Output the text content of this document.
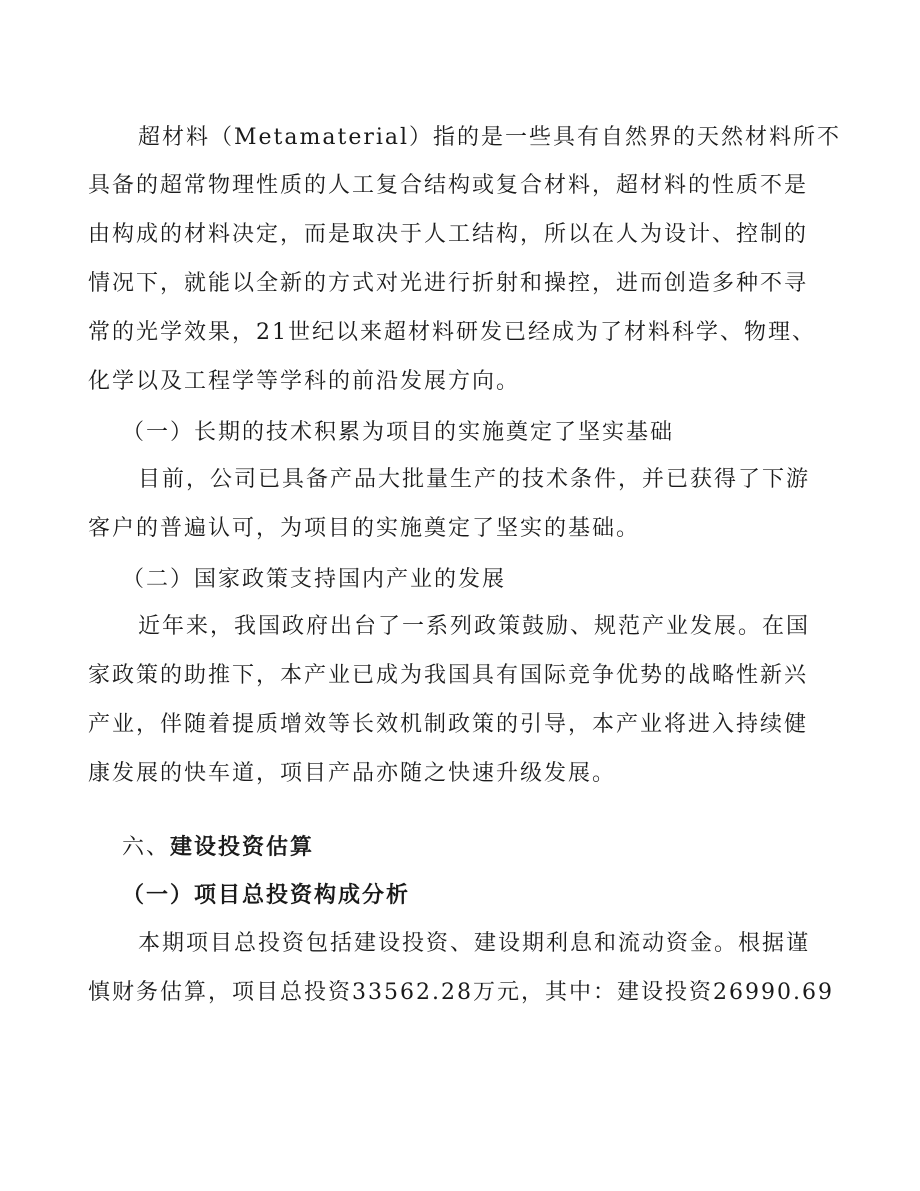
超材料（Metamaterial）指的是一些具有自然界的天然材料所不

具备的超常物理性质的人工复合结构或复合材料，超材料的性质不是

由构成的材料决定，而是取决于人工结构，所以在人为设计、控制的

情况下，就能以全新的方式对光进行折射和操控，进而创造多种不寻

常的光学效果，21世纪以来超材料研发已经成为了材料科学、物理、

化学以及工程学等学科的前沿发展方向。

（一）长期的技术积累为项目的实施奠定了坚实基础

目前，公司已具备产品大批量生产的技术条件，并已获得了下游

客户的普遍认可，为项目的实施奠定了坚实的基础。

（二）国家政策支持国内产业的发展

近年来，我国政府出台了一系列政策鼓励、规范产业发展。在国

家政策的助推下，本产业已成为我国具有国际竞争优势的战略性新兴

产业，伴随着提质增效等长效机制政策的引导，本产业将进入持续健

康发展的快车道，项目产品亦随之快速升级发展。

六、建设投资估算

（一）项目总投资构成分析

本期项目总投资包括建设投资、建设期利息和流动资金。根据谨

慎财务估算，项目总投资33562.28万元，其中：建设投资26990.69
